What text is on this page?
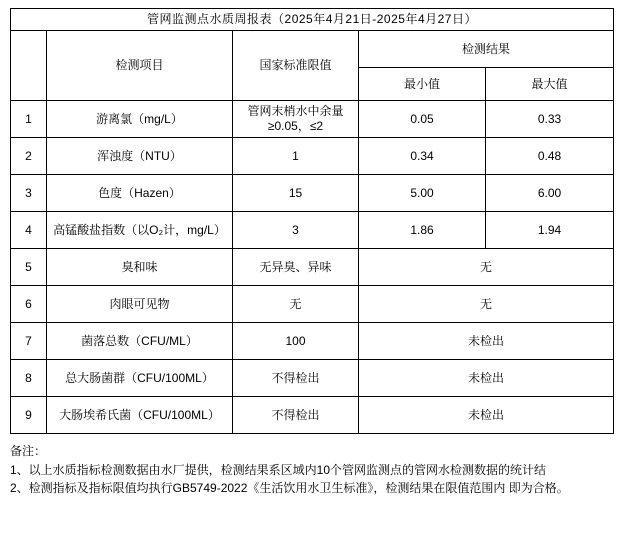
管网监测点水质周报表（2025年4月21日-2025年4月27日）				
	检测项目	国家标准限值	检测结果	
			最小值	最大值
1	游离氯（mg/L）	管网末梢水中余量≥0.05，≤2	0.05	0.33
2	浑浊度（NTU）	1	0.34	0.48
3	色度（Hazen）	15	5.00	6.00
4	高锰酸盐指数（以O₂计，mg/L）	3	1.86	1.94
5	臭和味	无异臭、异味	无	
6	肉眼可见物	无	无	
7	菌落总数（CFU/ML）	100	未检出	
8	总大肠菌群（CFU/100ML）	不得检出	未检出	
9	大肠埃希氏菌（CFU/100ML）	不得检出	未检出	
备注：
1、以上水质指标检测数据由水厂提供，检测结果系区域内10个管网监测点的管网水检测数据的统计结
2、检测指标及指标限值均执行GB5749-2022《生活饮用水卫生标准》，检测结果在限值范围内 即为合格。
